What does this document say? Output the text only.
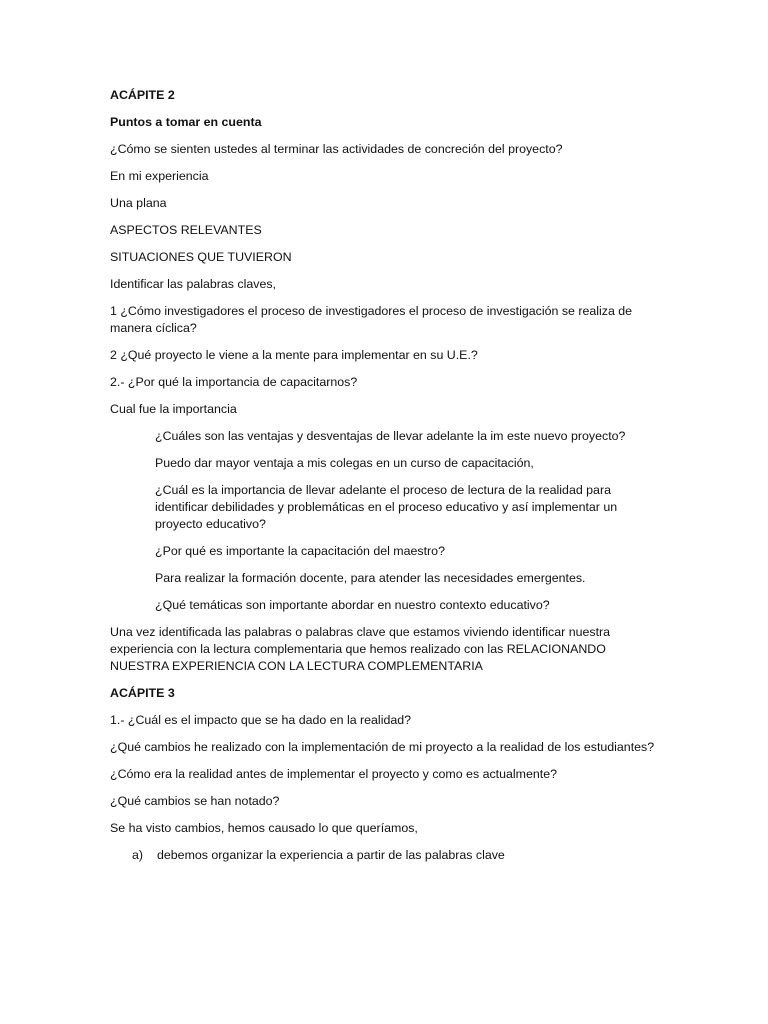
ACÁPITE 2

Puntos a tomar en cuenta

¿Cómo se sienten ustedes al terminar las actividades de concreción del proyecto?

En mi experiencia

Una plana

ASPECTOS RELEVANTES

SITUACIONES QUE TUVIERON

Identificar las palabras claves,

1 ¿Cómo investigadores el proceso de investigadores el proceso de investigación se realiza de manera cíclica?

2 ¿Qué proyecto le viene a la mente para implementar en su U.E.?

2.- ¿Por qué la importancia de capacitarnos?

Cual fue la importancia

¿Cuáles son las ventajas y desventajas de llevar adelante la im este nuevo proyecto?

Puedo dar mayor ventaja a mis colegas en un curso de capacitación,

¿Cuál es la importancia de llevar adelante el proceso de lectura de la realidad para identificar debilidades y problemáticas en el proceso educativo y así implementar un proyecto educativo?

¿Por qué es importante la capacitación del maestro?

Para realizar la formación docente, para atender las necesidades emergentes.

¿Qué temáticas son importante abordar en nuestro contexto educativo?

Una vez identificada las palabras o palabras clave que estamos viviendo identificar nuestra experiencia con la lectura complementaria que hemos realizado con las RELACIONANDO NUESTRA EXPERIENCIA CON LA LECTURA COMPLEMENTARIA

ACÁPITE 3

1.- ¿Cuál es el impacto que se ha dado en la realidad?

¿Qué cambios he realizado con la implementación de mi proyecto a la realidad de los estudiantes?

¿Cómo era la realidad antes de implementar el proyecto y como es actualmente?

¿Qué cambios se han notado?

Se ha visto cambios, hemos causado lo que queríamos,

a)	debemos organizar la experiencia a partir de las palabras clave
